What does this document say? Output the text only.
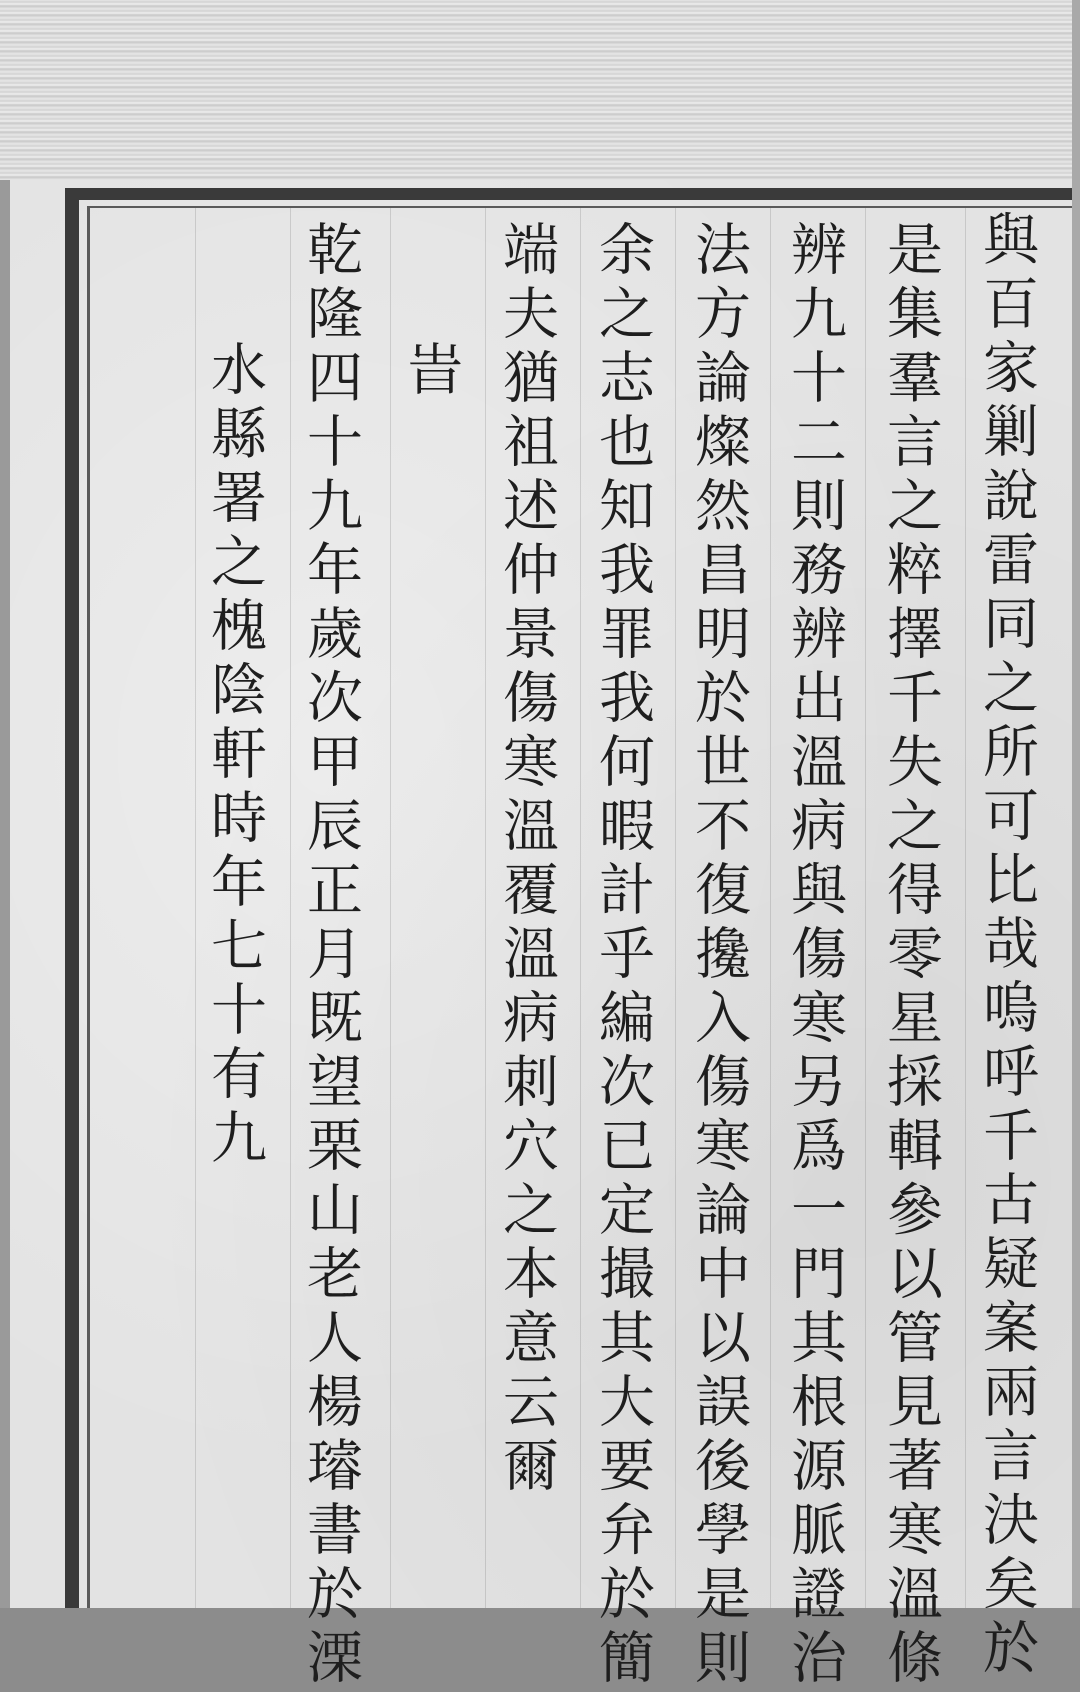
與百家剿說雷同之所可比哉嗚呼千古疑案兩言決矣於
是集羣言之粹擇千失之得零星採輯參以管見著寒溫條
辨九十二則務辨出溫病與傷寒另爲一門其根源脈證治
法方論燦然昌明於世不復攙入傷寒論中以誤後學是則
余之志也知我罪我何暇計乎編次已定撮其大要弁於簡
端夫猶祖述仲景傷寒溫覆溫病刺穴之本意云爾
旹
乾隆四十九年歲次甲辰正月既望栗山老人楊璿書於溧
水縣署之槐陰軒時年七十有九
